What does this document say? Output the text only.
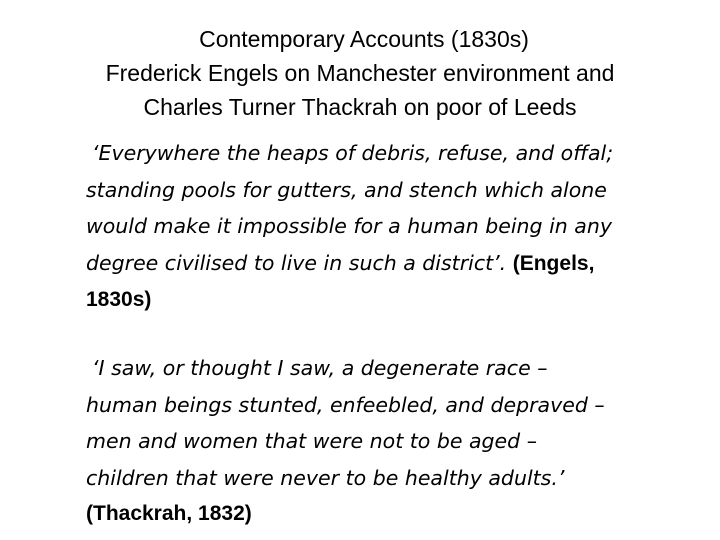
Contemporary Accounts (1830s)
Frederick Engels on Manchester environment and
Charles Turner Thackrah on poor of Leeds
‘Everywhere the heaps of debris, refuse, and offal;
standing pools for gutters, and stench which alone
would make it impossible for a human being in any
degree civilised to live in such a district’. (Engels,
1830s)
‘I saw, or thought I saw, a degenerate race –
human beings stunted, enfeebled, and depraved –
men and women that were not to be aged –
children that were never to be healthy adults.’
(Thackrah, 1832)
